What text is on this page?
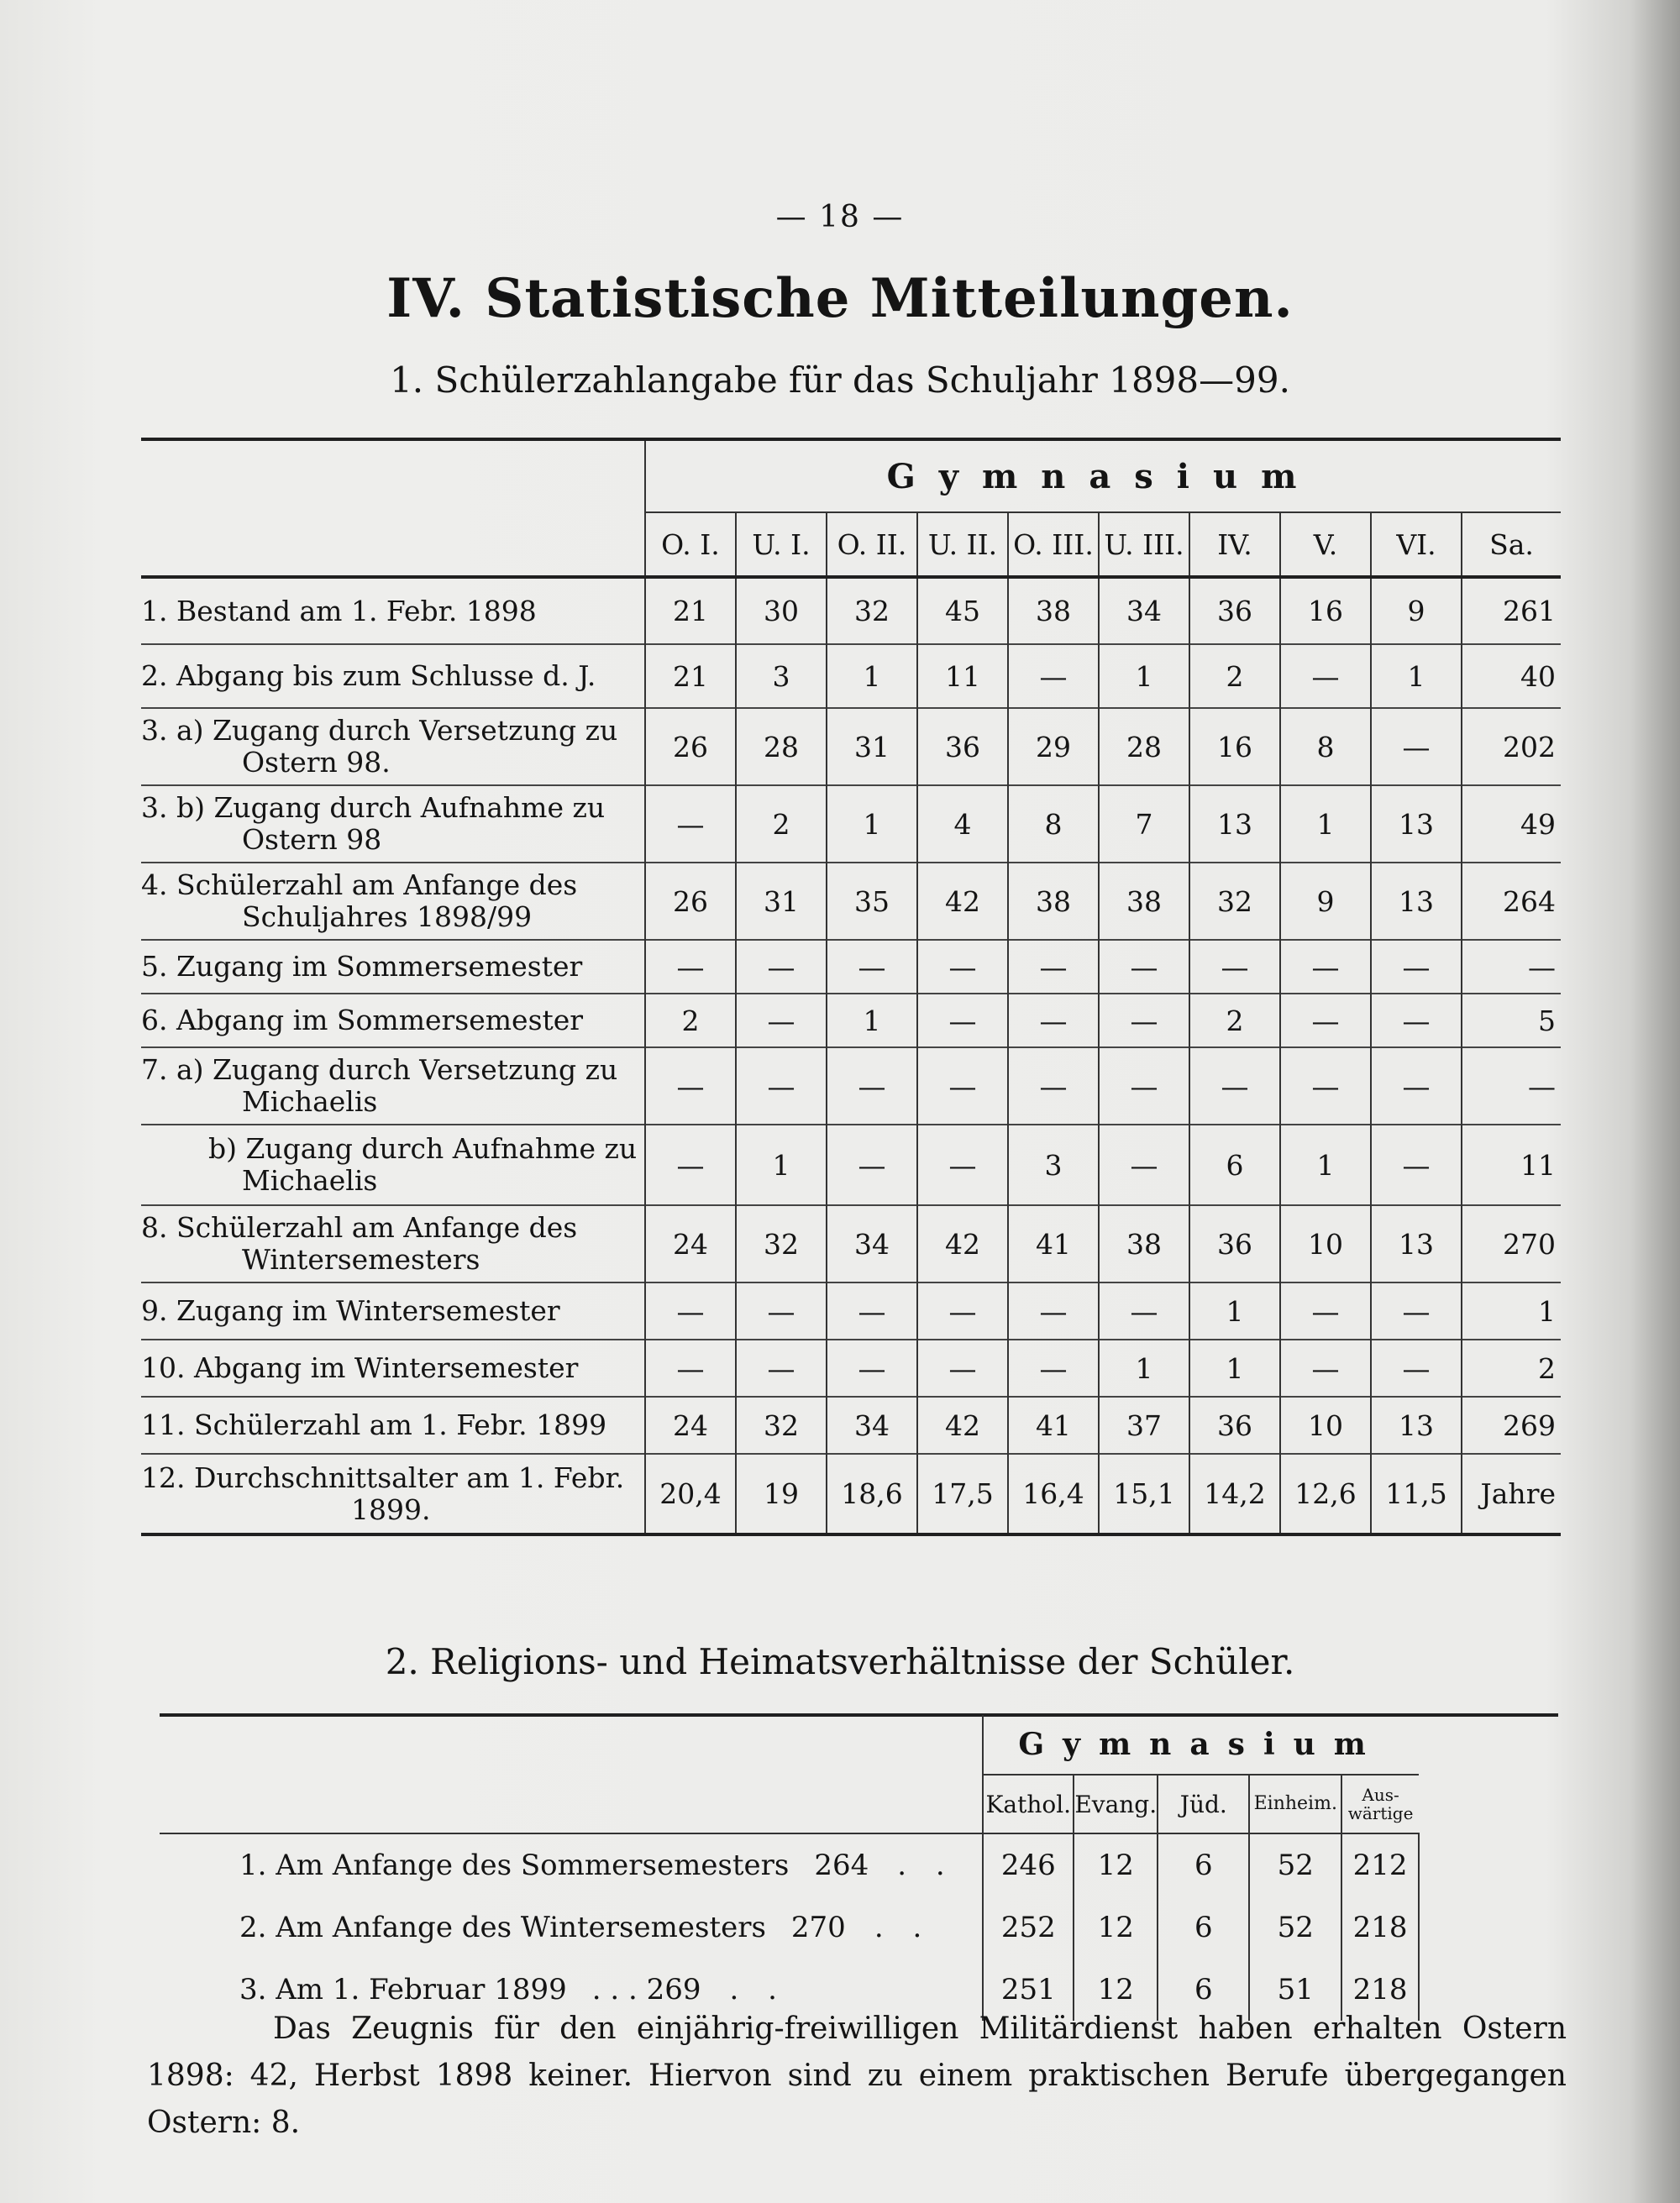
— 18 —
IV. Statistische Mitteilungen.
1. Schülerzahlangabe für das Schuljahr 1898—99.
	Gymnasium									
	O. I.	U. I.	O. II.	U. II.	O. III.	U. III.	IV.	V.	VI.	Sa.

1. Bestand am 1. Febr. 1898	21	30	32	45	38	34	36	16	9	261

2. Abgang bis zum Schlusse d. J.	21	3	1	11	—	1	2	—	1	40

3. a) Zugang durch Versetzung zu
Ostern 98.	26	28	31	36	29	28	16	8	—	202

3. b) Zugang durch Aufnahme zu
Ostern 98	—	2	1	4	8	7	13	1	13	49

4. Schülerzahl am Anfange des
Schuljahres 1898/99	26	31	35	42	38	38	32	9	13	264

5. Zugang im Sommersemester	—	—	—	—	—	—	—	—	—	—

6. Abgang im Sommersemester	2	—	1	—	—	—	2	—	—	5

7. a) Zugang durch Versetzung zu
Michaelis	—	—	—	—	—	—	—	—	—	—

b) Zugang durch Aufnahme zu
Michaelis	—	1	—	—	3	—	6	1	—	11

8. Schülerzahl am Anfange des
Wintersemesters	24	32	34	42	41	38	36	10	13	270

9. Zugang im Wintersemester	—	—	—	—	—	—	1	—	—	1

10. Abgang im Wintersemester	—	—	—	—	—	1	1	—	—	2

11. Schülerzahl am 1. Febr. 1899	24	32	34	42	41	37	36	10	13	269

12. Durchschnittsalter am 1. Febr.
1899.	20,4	19	18,6	17,5	16,4	15,1	14,2	12,6	11,5	Jahre
2. Religions- und Heimatsverhältnisse der Schüler.
	Gymnasium				
	Kathol.	Evang.	Jüd.	Einheim.	Aus-
wärtige
1. Am Anfange des Sommersemesters 264 . .	246	12	6	52	212
2. Am Anfange des Wintersemesters 270 . .	252	12	6	52	218
3. Am 1. Februar 1899 . . . 269 . .	251	12	6	51	218
Das Zeugnis für den einjährig-freiwilligen Militärdienst haben erhalten Ostern 1898: 42, Herbst 1898 keiner. Hiervon sind zu einem praktischen Berufe übergegangen Ostern: 8.
